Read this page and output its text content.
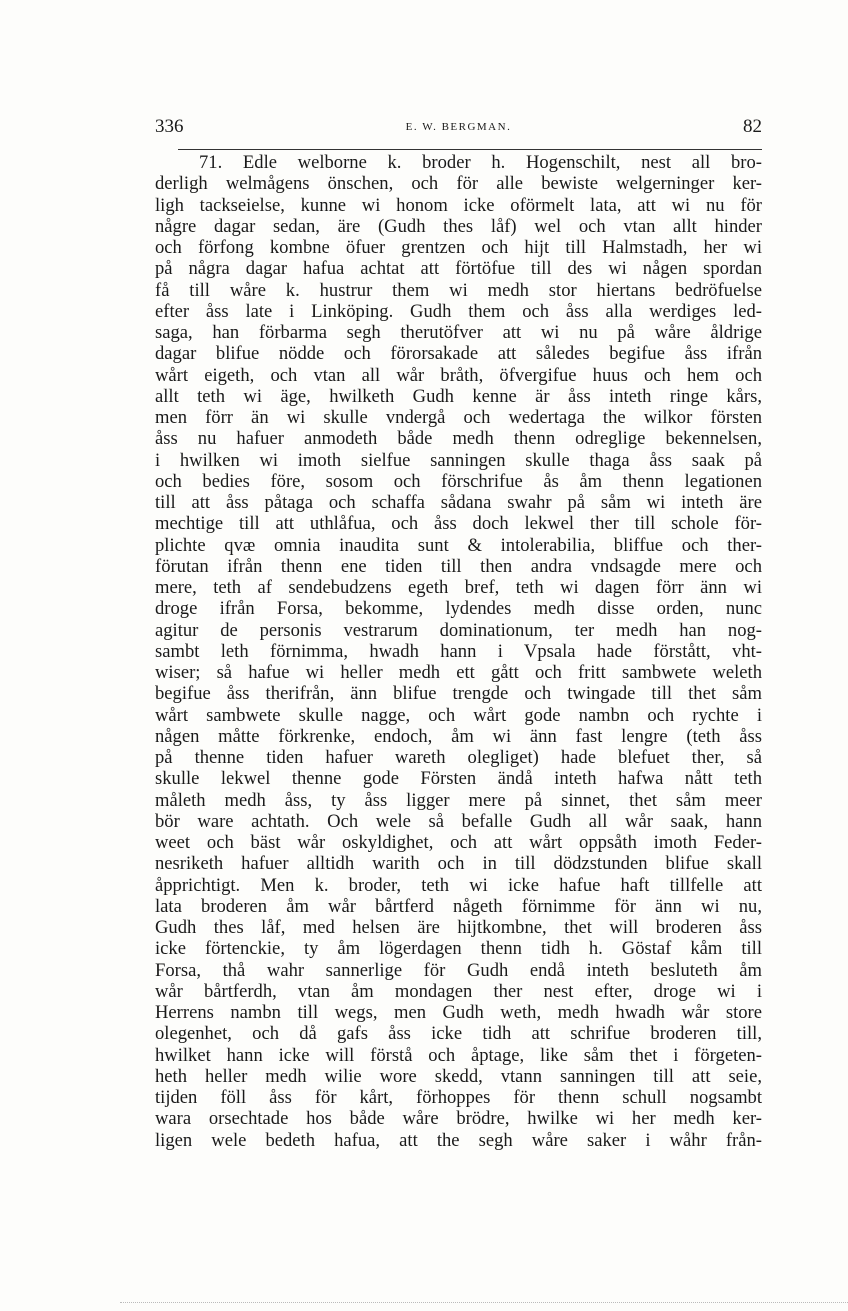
336	E. W. BERGMAN.	82
71. Edle welborne k. broder h. Hogenschilt, nest all bro-
derligh welmågens önschen, och för alle bewiste welgerninger ker-
ligh tackseielse, kunne wi honom icke oförmelt lata, att wi nu för
någre dagar sedan, äre (Gudh thes låf) wel och vtan allt hinder
och förfong kombne öfuer grentzen och hijt till Halmstadh, her wi
på några dagar hafua achtat att förtöfue till des wi någen spordan
få till wåre k. hustrur them wi medh stor hiertans bedröfuelse
efter åss late i Linköping. Gudh them och åss alla werdiges led-
saga, han förbarma segh therutöfver att wi nu på wåre åldrige
dagar blifue nödde och förorsakade att således begifue åss ifrån
wårt eigeth, och vtan all wår bråth, öfvergifue huus och hem och
allt teth wi äge, hwilketh Gudh kenne är åss inteth ringe kårs,
men förr än wi skulle vndergå och wedertaga the wilkor försten
åss nu hafuer anmodeth både medh thenn odreglige bekennelsen,
i hwilken wi imoth sielfue sanningen skulle thaga åss saak på
och bedies före, sosom och förschrifue ås åm thenn legationen
till att åss påtaga och schaffa sådana swahr på såm wi inteth äre
mechtige till att uthlåfua, och åss doch lekwel ther till schole för-
plichte qvæ omnia inaudita sunt & intolerabilia, bliffue och ther-
förutan ifrån thenn ene tiden till then andra vndsagde mere och
mere, teth af sendebudzens egeth bref, teth wi dagen förr änn wi
droge ifrån Forsa, bekomme, lydendes medh disse orden, nunc
agitur de personis vestrarum dominationum, ter medh han nog-
sambt leth förnimma, hwadh hann i Vpsala hade förstått, vht-
wiser; så hafue wi heller medh ett gått och fritt sambwete weleth
begifue åss therifrån, änn blifue trengde och twingade till thet såm
wårt sambwete skulle nagge, och wårt gode nambn och rychte i
någen måtte förkrenke, endoch, åm wi änn fast lengre (teth åss
på thenne tiden hafuer wareth olegliget) hade blefuet ther, så
skulle lekwel thenne gode Försten ändå inteth hafwa nått teth
måleth medh åss, ty åss ligger mere på sinnet, thet såm meer
bör ware achtath. Och wele så befalle Gudh all wår saak, hann
weet och bäst wår oskyldighet, och att wårt oppsåth imoth Feder-
nesriketh hafuer alltidh warith och in till dödzstunden blifue skall
åpprichtigt. Men k. broder, teth wi icke hafue haft tillfelle att
lata broderen åm wår bårtferd någeth förnimme för änn wi nu,
Gudh thes låf, med helsen äre hijtkombne, thet will broderen åss
icke förtenckie, ty åm lögerdagen thenn tidh h. Göstaf kåm till
Forsa, thå wahr sannerlige för Gudh endå inteth besluteth åm
wår bårtferdh, vtan åm mondagen ther nest efter, droge wi i
Herrens nambn till wegs, men Gudh weth, medh hwadh wår store
olegenhet, och då gafs åss icke tidh att schrifue broderen till,
hwilket hann icke will förstå och åptage, like såm thet i förgeten-
heth heller medh wilie wore skedd, vtann sanningen till att seie,
tijden föll åss för kårt, förhoppes för thenn schull nogsambt
wara orsechtade hos både wåre brödre, hwilke wi her medh ker-
ligen wele bedeth hafua, att the segh wåre saker i wåhr från-
